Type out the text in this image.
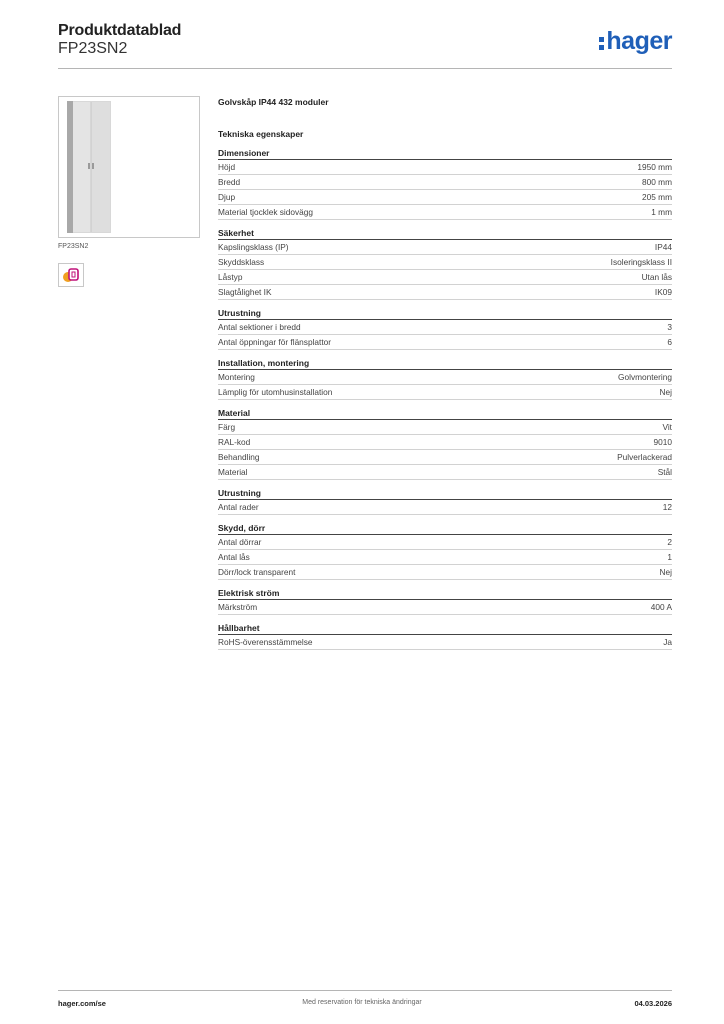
Produktdatablad
FP23SN2	hager
FP23SN2
Golvskåp IP44 432 moduler
Tekniska egenskaper
Dimensioner
Höjd	1950 mm
Bredd	800 mm
Djup	205 mm
Material tjocklek sidovägg	1 mm
Säkerhet
Kapslingsklass (IP)	IP44
Skyddsklass	Isoleringsklass II
Låstyp	Utan lås
Slagtålighet IK	IK09
Utrustning
Antal sektioner i bredd	3
Antal öppningar för flänsplattor	6
Installation, montering
Montering	Golvmontering
Lämplig för utomhusinstallation	Nej
Material
Färg	Vit
RAL-kod	9010
Behandling	Pulverlackerad
Material	Stål
Utrustning
Antal rader	12
Skydd, dörr
Antal dörrar	2
Antal lås	1
Dörr/lock transparent	Nej
Elektrisk ström
Märkström	400 A
Hållbarhet
RoHS-överensstämmelse	Ja
hager.com/se	Med reservation för tekniska ändringar	04.03.2026
